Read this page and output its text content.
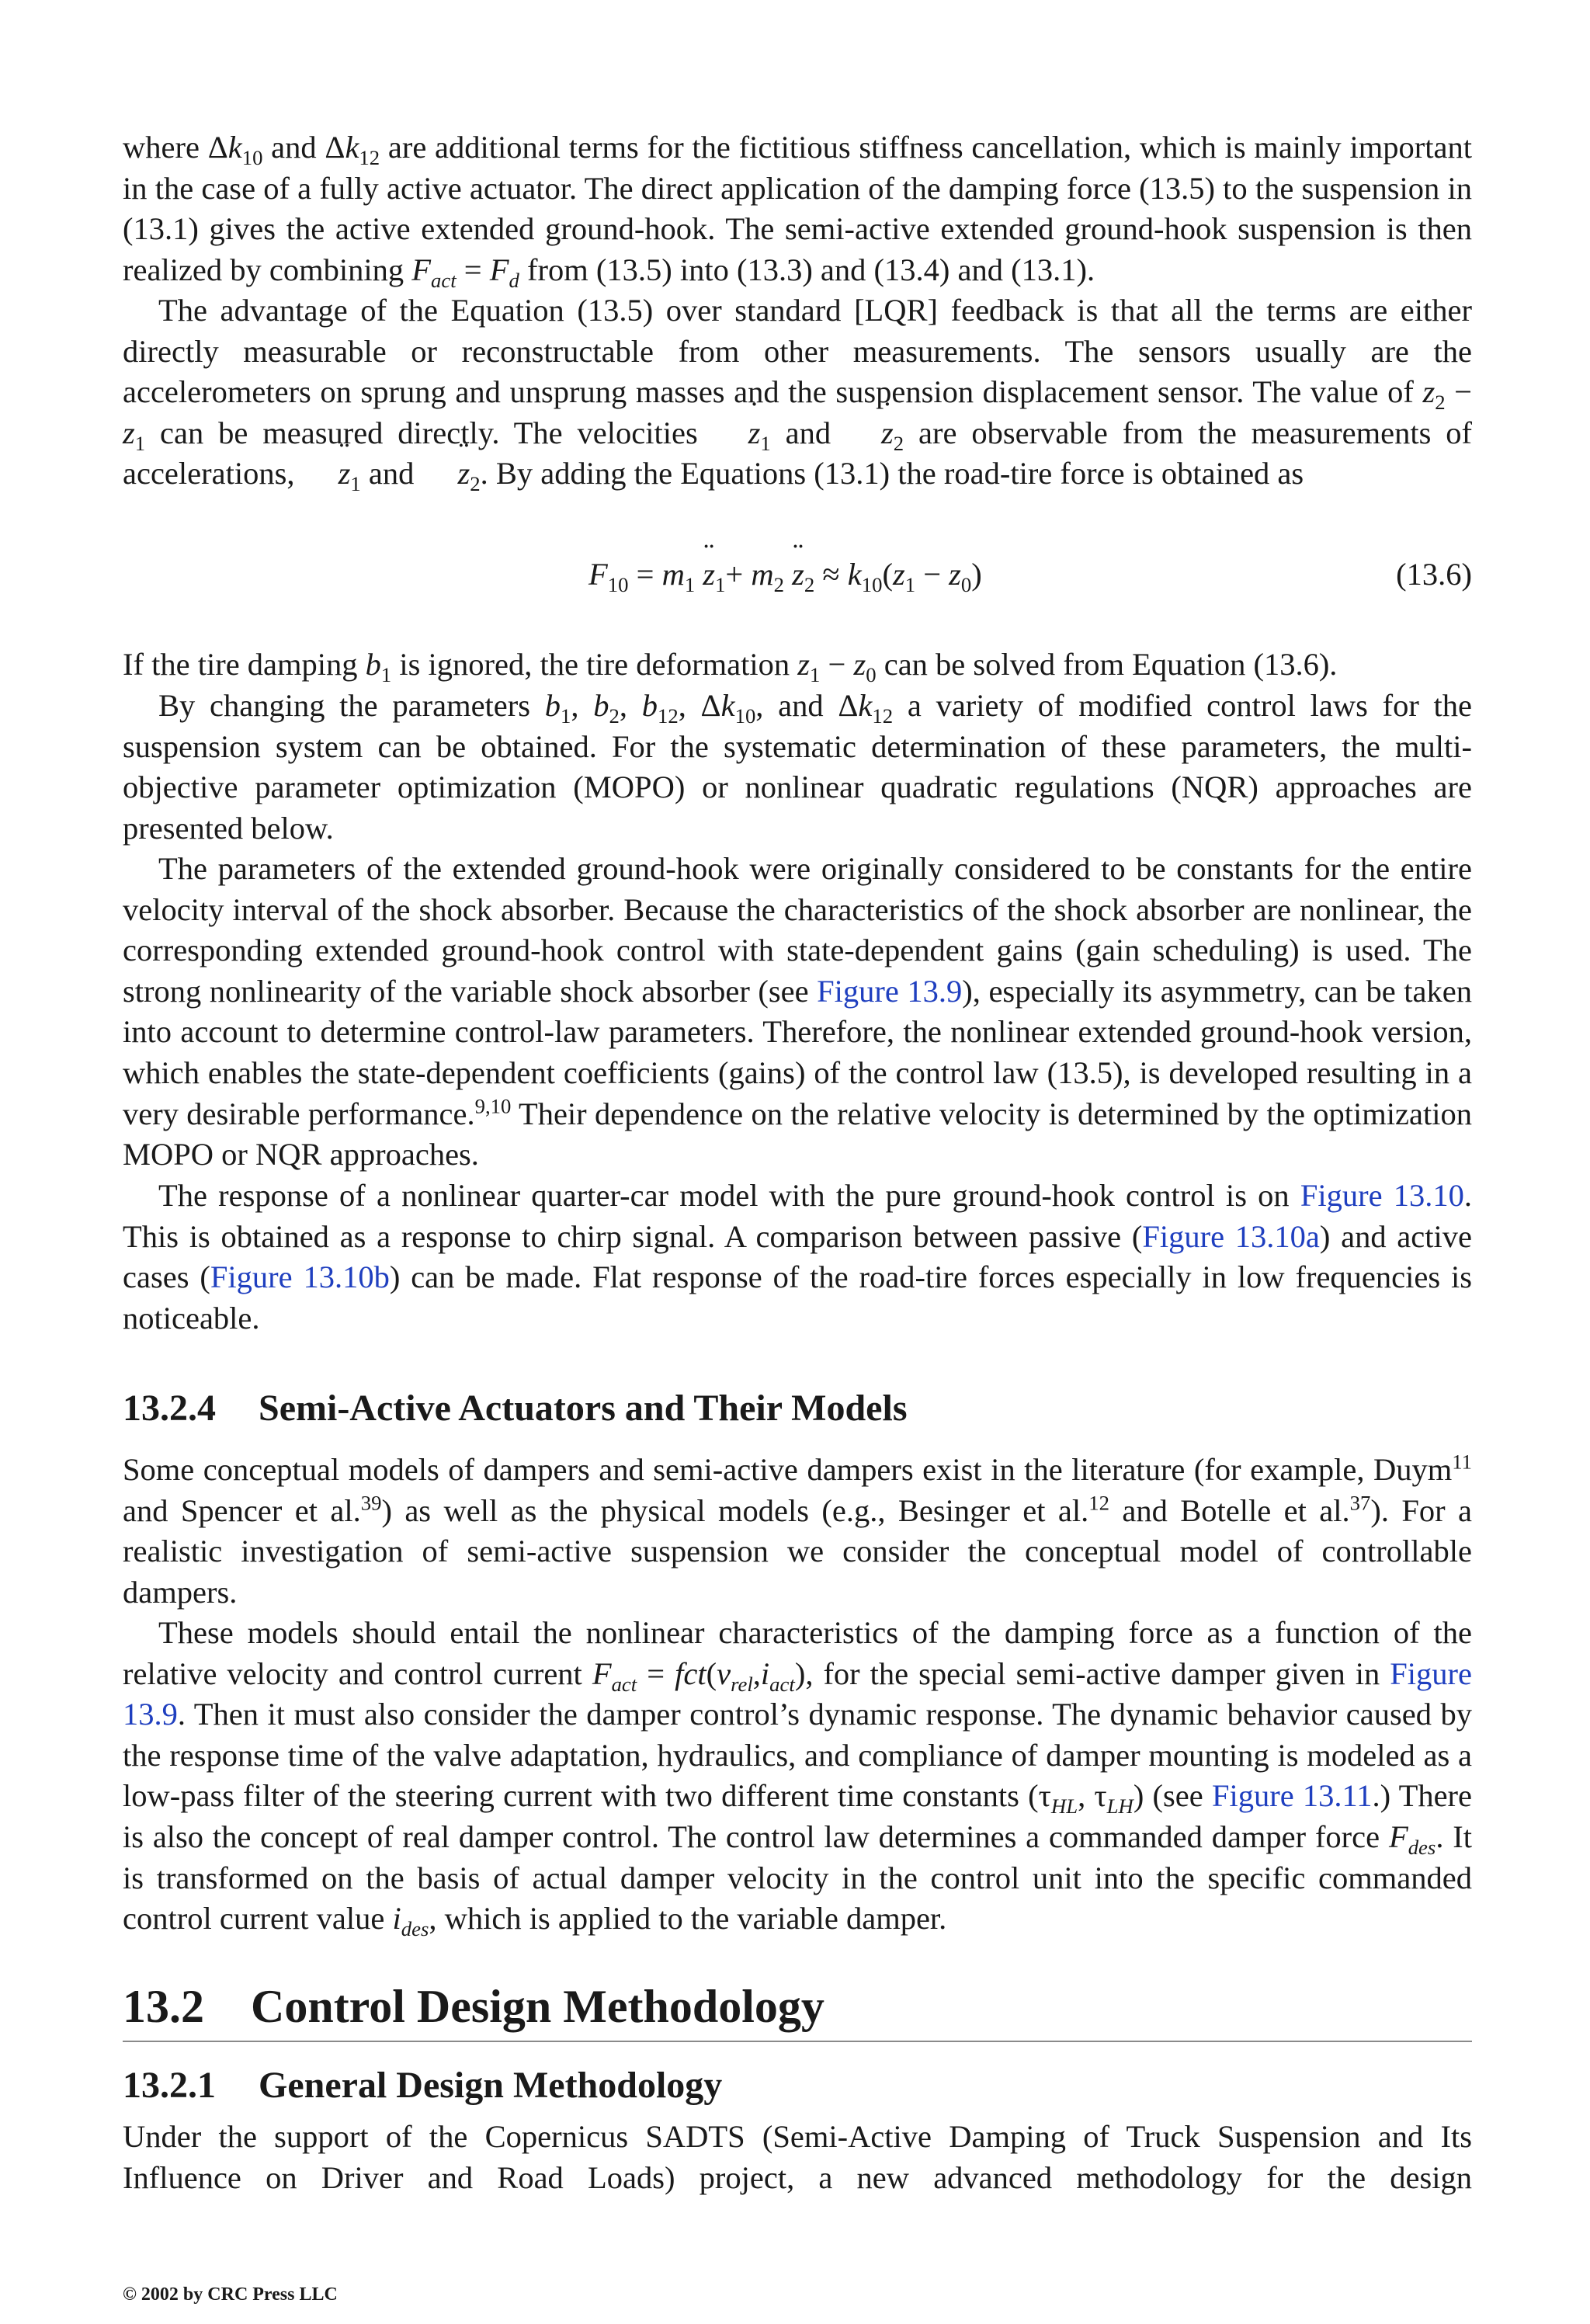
where $\Delta k_{10}$ and $\Delta k_{12}$ are additional terms for the fictitious stiffness cancellation, which is mainly important in the case of a fully active actuator. The direct application of the damping force (13.5) to the suspension in (13.1) gives the active extended ground-hook. The semi-active extended ground-hook suspension is then realized by combining $F_{act} = F_d$ from (13.5) into (13.3) and (13.4) and (13.1).

The advantage of the Equation (13.5) over standard [LQR] feedback is that all the terms are either directly measurable or reconstructable from other measurements. The sensors usually are the accelerometers on sprung and unsprung masses and the suspension displacement sensor. The value of $z_2 - z_1$ can be measured directly. The velocities ˙ $z_1$ and ˙ $z_2$ are observable from the measurements of accelerations, ¨ $z_1$ and ¨ $z_2$. By adding the Equations (13.1) the road-tire force is obtained as

$F_{10} = m_1$ ¨ $z_1+ m_2$ ¨ $z_2 \approx k_{10}(z_1 - z_0)$	(13.6)

If the tire damping $b_1$ is ignored, the tire deformation $z_1 - z_0$ can be solved from Equation (13.6).

By changing the parameters $b_1$, $b_2$, $b_{12}$, $\Delta k_{10}$, and $\Delta k_{12}$ a variety of modified control laws for the suspension system can be obtained. For the systematic determination of these parameters, the multi-objective parameter optimization (MOPO) or nonlinear quadratic regulations (NQR) approaches are presented below.

The parameters of the extended ground-hook were originally considered to be constants for the entire velocity interval of the shock absorber. Because the characteristics of the shock absorber are nonlinear, the corresponding extended ground-hook control with state-dependent gains (gain scheduling) is used. The strong nonlinearity of the variable shock absorber (see Figure 13.9), especially its asymmetry, can be taken into account to determine control-law parameters. Therefore, the nonlinear extended ground-hook version, which enables the state-dependent coefficients (gains) of the control law (13.5), is developed resulting in a very desirable performance.$^{9,10}$ Their dependence on the relative velocity is determined by the optimization MOPO or NQR approaches.

The response of a nonlinear quarter-car model with the pure ground-hook control is on Figure 13.10. This is obtained as a response to chirp signal. A comparison between passive (Figure 13.10a) and active cases (Figure 13.10b) can be made. Flat response of the road-tire forces especially in low frequencies is noticeable.

13.2.4 Semi-Active Actuators and Their Models

Some conceptual models of dampers and semi-active dampers exist in the literature (for example, Duym$^{11}$ and Spencer et al.$^{39}$) as well as the physical models (e.g., Besinger et al.$^{12}$ and Botelle et al.$^{37}$). For a realistic investigation of semi-active suspension we consider the conceptual model of controllable dampers.

These models should entail the nonlinear characteristics of the damping force as a function of the relative velocity and control current $F_{act} = fct(v_{rel},i_{act})$, for the special semi-active damper given in Figure 13.9. Then it must also consider the damper control’s dynamic response. The dynamic behavior caused by the response time of the valve adaptation, hydraulics, and compliance of damper mounting is modeled as a low-pass filter of the steering current with two different time constants ($\tau_{HL}$, $\tau_{LH}$) (see Figure 13.11.) There is also the concept of real damper control. The control law determines a commanded damper force $F_{des}$. It is transformed on the basis of actual damper velocity in the control unit into the specific commanded control current value $i_{des}$, which is applied to the variable damper.

13.2 Control Design Methodology
13.2.1 General Design Methodology

Under the support of the Copernicus SADTS (Semi-Active Damping of Truck Suspension and Its Influence on Driver and Road Loads) project, a new advanced methodology for the design

© 2002 by CRC Press LLC
